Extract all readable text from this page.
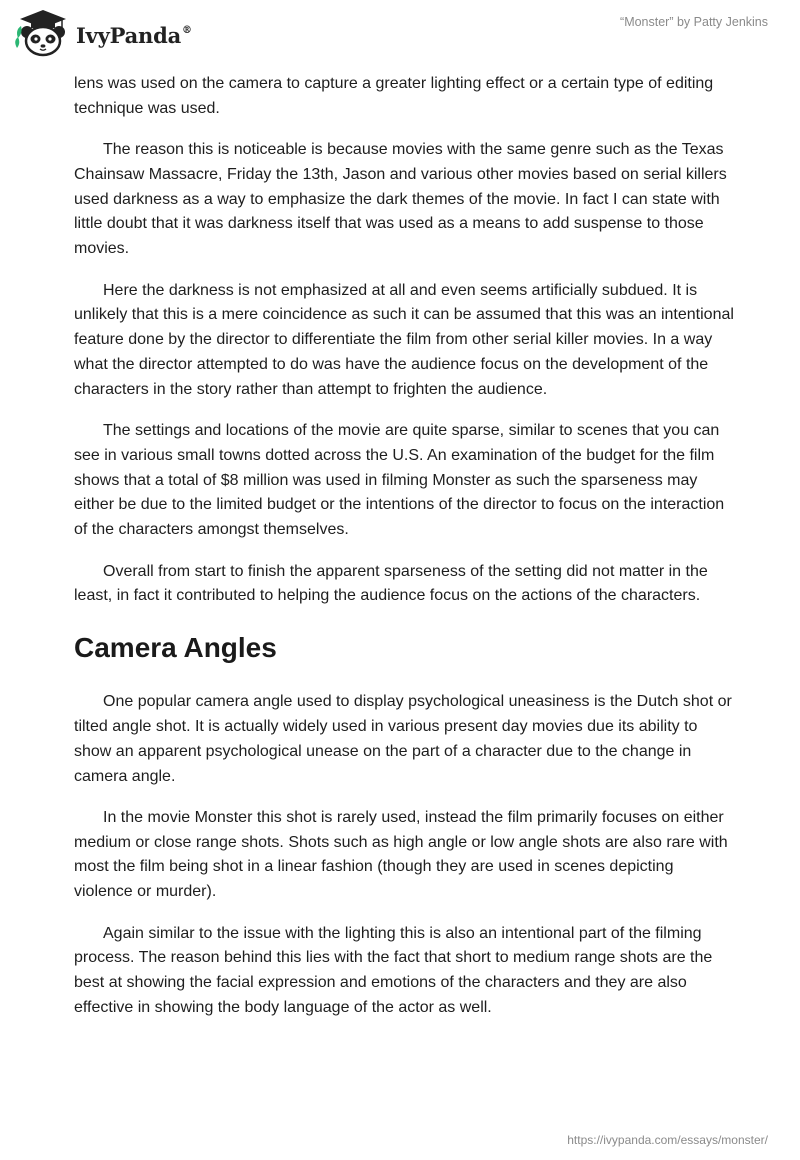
IvyPanda®
“Monster” by Patty Jenkins

lens was used on the camera to capture a greater lighting effect or a certain type of editing technique was used.

The reason this is noticeable is because movies with the same genre such as the Texas Chainsaw Massacre, Friday the 13th, Jason and various other movies based on serial killers used darkness as a way to emphasize the dark themes of the movie. In fact I can state with little doubt that it was darkness itself that was used as a means to add suspense to those movies.

Here the darkness is not emphasized at all and even seems artificially subdued. It is unlikely that this is a mere coincidence as such it can be assumed that this was an intentional feature done by the director to differentiate the film from other serial killer movies. In a way what the director attempted to do was have the audience focus on the development of the characters in the story rather than attempt to frighten the audience.

The settings and locations of the movie are quite sparse, similar to scenes that you can see in various small towns dotted across the U.S. An examination of the budget for the film shows that a total of $8 million was used in filming Monster as such the sparseness may either be due to the limited budget or the intentions of the director to focus on the interaction of the characters amongst themselves.

Overall from start to finish the apparent sparseness of the setting did not matter in the least, in fact it contributed to helping the audience focus on the actions of the characters.

Camera Angles

One popular camera angle used to display psychological uneasiness is the Dutch shot or tilted angle shot. It is actually widely used in various present day movies due its ability to show an apparent psychological unease on the part of a character due to the change in camera angle.

In the movie Monster this shot is rarely used, instead the film primarily focuses on either medium or close range shots. Shots such as high angle or low angle shots are also rare with most the film being shot in a linear fashion (though they are used in scenes depicting violence or murder).

Again similar to the issue with the lighting this is also an intentional part of the filming process. The reason behind this lies with the fact that short to medium range shots are the best at showing the facial expression and emotions of the characters and they are also effective in showing the body language of the actor as well.

https://ivypanda.com/essays/monster/
